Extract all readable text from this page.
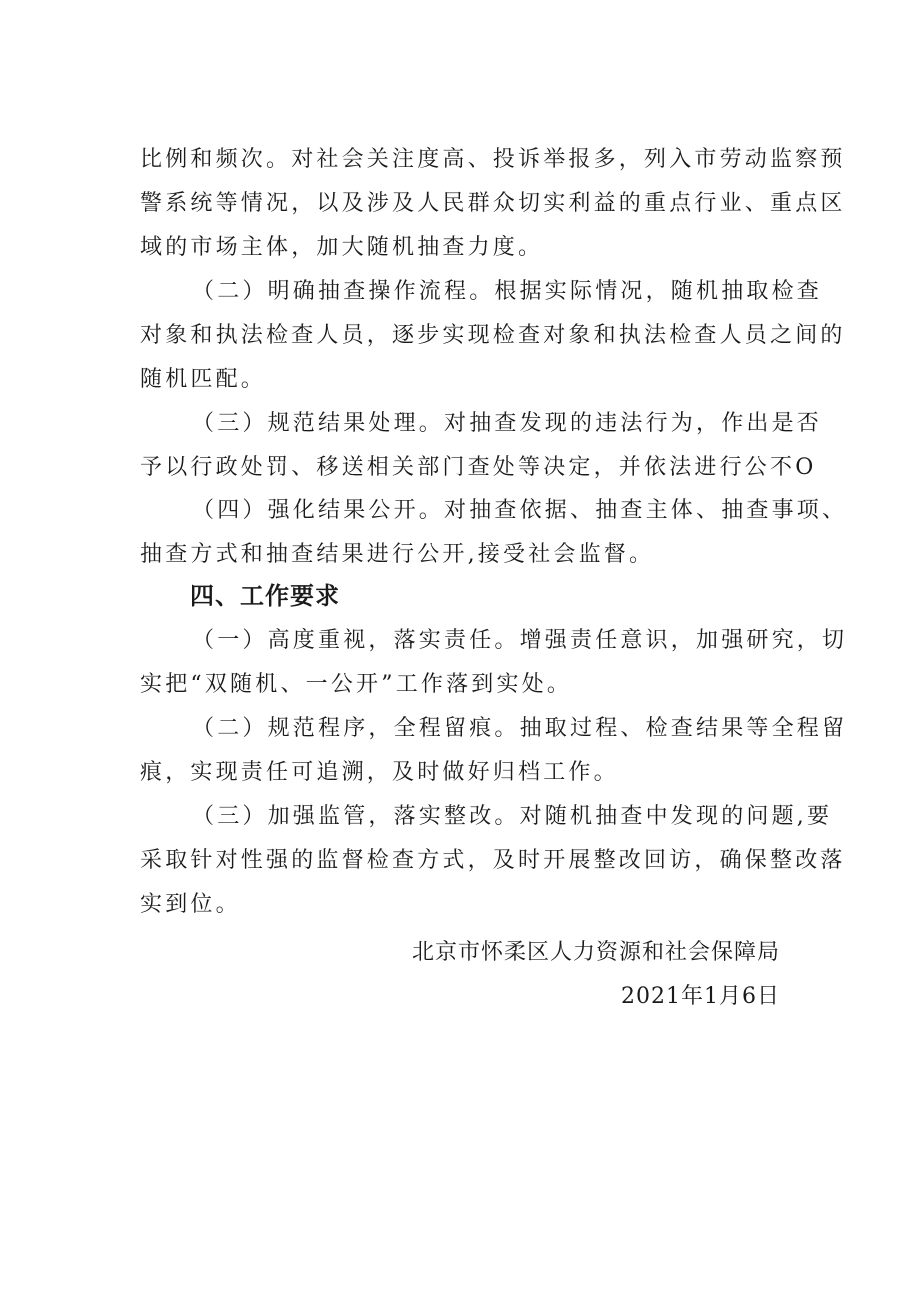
比例和频次。对社会关注度高、投诉举报多，列入市劳动监察预
警系统等情况，以及涉及人民群众切实利益的重点行业、重点区
域的市场主体，加大随机抽查力度。
（二）明确抽查操作流程。根据实际情况，随机抽取检查
对象和执法检查人员，逐步实现检查对象和执法检查人员之间的
随机匹配。
（三）规范结果处理。对抽查发现的违法行为，作出是否
予以行政处罚、移送相关部门查处等决定，并依法进行公不O
（四）强化结果公开。对抽查依据、抽查主体、抽查事项、
抽查方式和抽查结果进行公开,接受社会监督。
四、工作要求
（一）高度重视，落实责任。增强责任意识，加强研究，切
实把“双随机、一公开”工作落到实处。
（二）规范程序，全程留痕。抽取过程、检查结果等全程留
痕，实现责任可追溯，及时做好归档工作。
（三）加强监管，落实整改。对随机抽查中发现的问题,要
采取针对性强的监督检查方式，及时开展整改回访，确保整改落
实到位。
北京市怀柔区人力资源和社会保障局
2021年1月6日
